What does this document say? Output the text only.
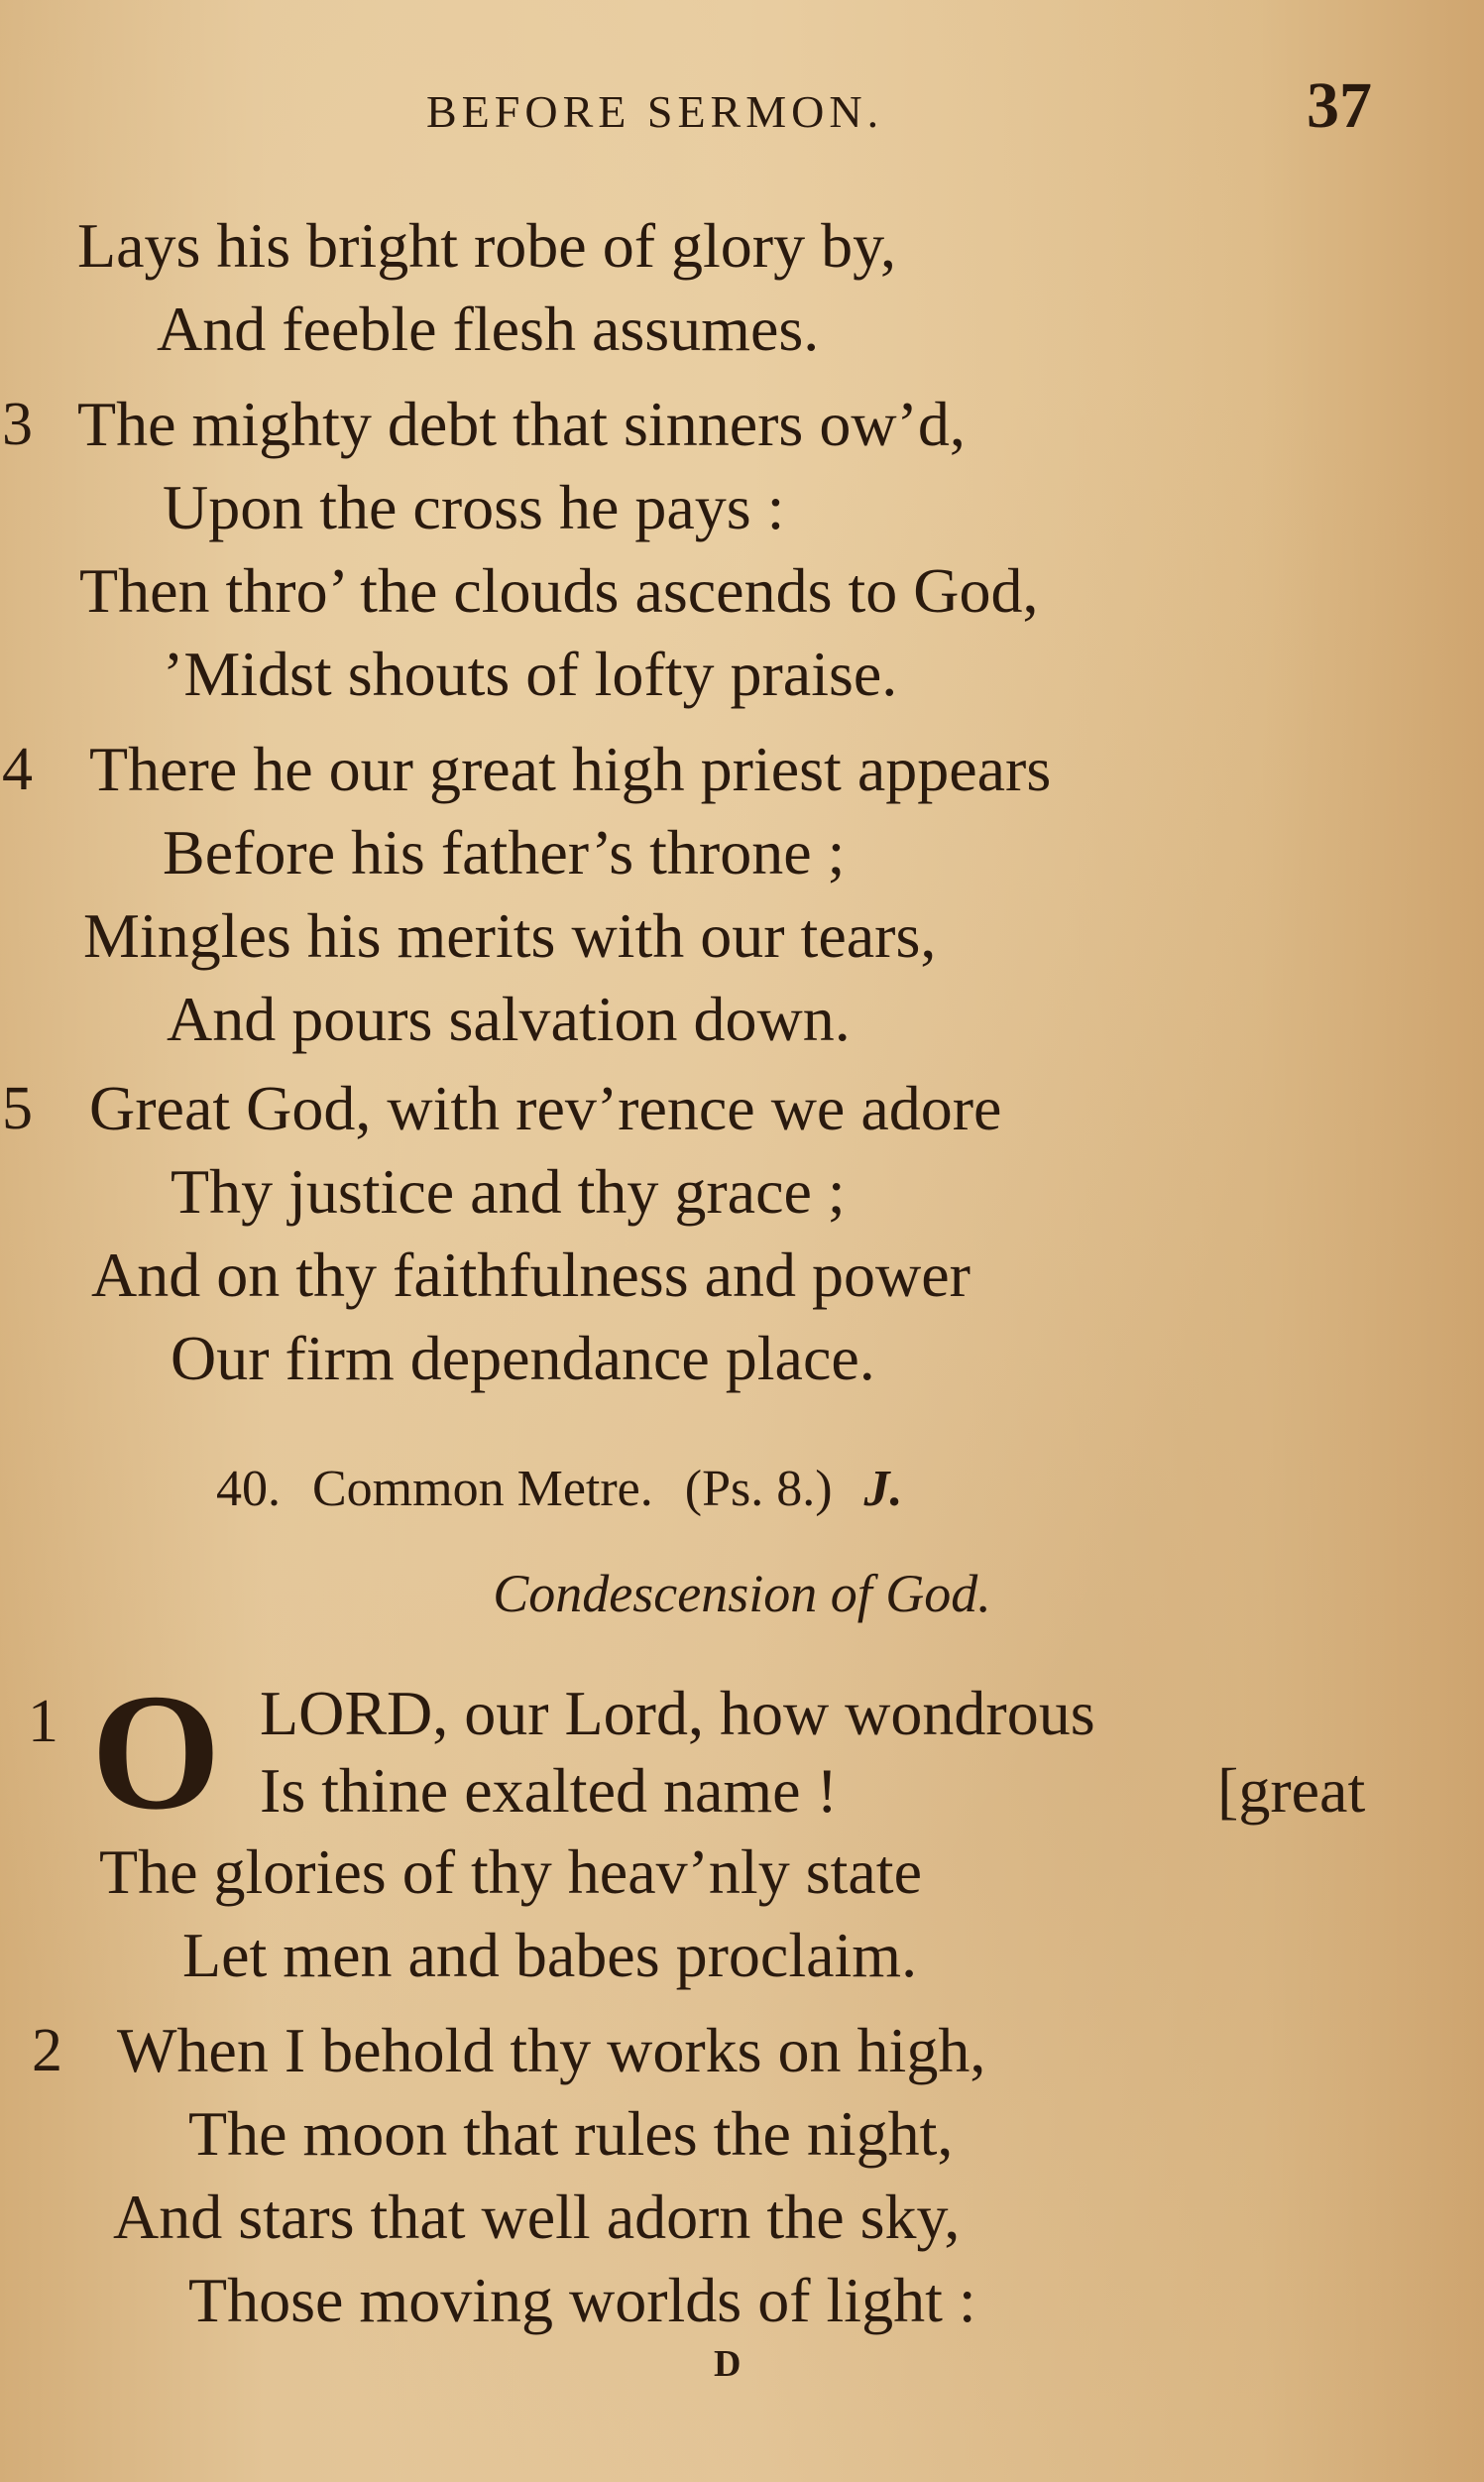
BEFORE SERMON.	37
Lays his bright robe of glory by,
And feeble flesh assumes.
3 The mighty debt that sinners ow’d,
Upon the cross he pays :
Then thro’ the clouds ascends to God,
’Midst shouts of lofty praise.
4 There he our great high priest appears
Before his father’s throne ;
Mingles his merits with our tears,
And pours salvation down.
5 Great God, with rev’rence we adore
Thy justice and thy grace ;
And on thy faithfulness and power
Our firm dependance place.
40. Common Metre. (Ps. 8.) J.
Condescension of God.
1 O LORD, our Lord, how wondrous
Is thine exalted name !	[great
The glories of thy heav’nly state
Let men and babes proclaim.
2 When I behold thy works on high,
The moon that rules the night,
And stars that well adorn the sky,
Those moving worlds of light :
D
